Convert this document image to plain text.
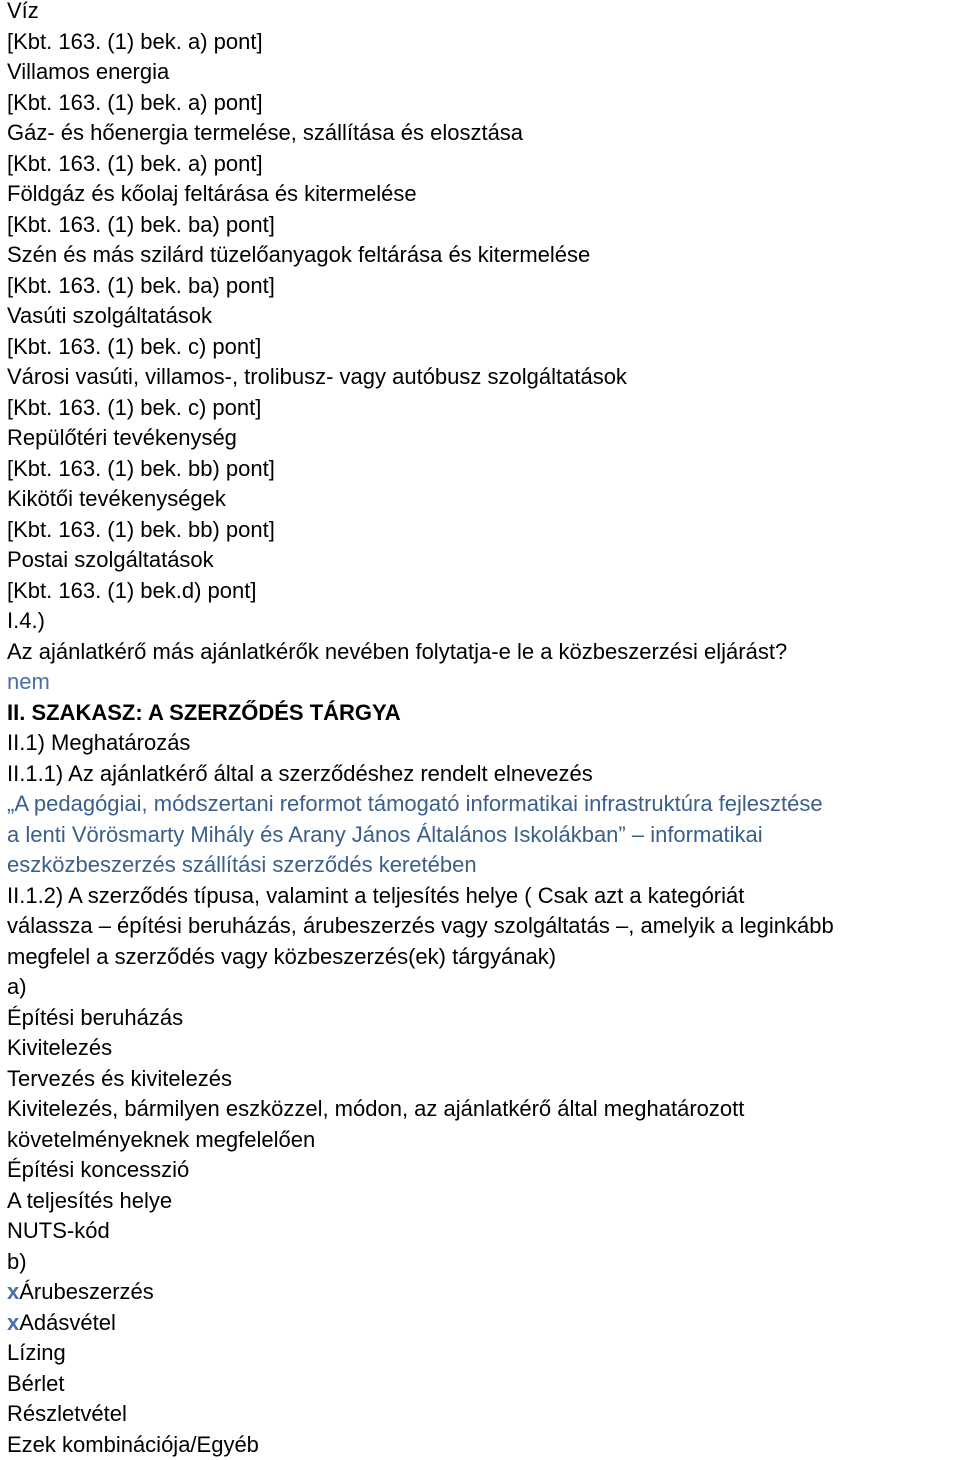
Víz

[Kbt. 163. (1) bek. a) pont]

Villamos energia

[Kbt. 163. (1) bek. a) pont]

Gáz- és hőenergia termelése, szállítása és elosztása

[Kbt. 163. (1) bek. a) pont]

Földgáz és kőolaj feltárása és kitermelése

[Kbt. 163. (1) bek. ba) pont]

Szén és más szilárd tüzelőanyagok feltárása és kitermelése

[Kbt. 163. (1) bek. ba) pont]

Vasúti szolgáltatások

[Kbt. 163. (1) bek. c) pont]

Városi vasúti, villamos-, trolibusz- vagy autóbusz szolgáltatások

[Kbt. 163. (1) bek. c) pont]

Repülőtéri tevékenység

[Kbt. 163. (1) bek. bb) pont]

Kikötői tevékenységek

[Kbt. 163. (1) bek. bb) pont]

Postai szolgáltatások

[Kbt. 163. (1) bek.d) pont]

I.4.)

Az ajánlatkérő más ajánlatkérők nevében folytatja-e le a közbeszerzési eljárást?

nem

II. SZAKASZ: A SZERZŐDÉS TÁRGYA

II.1) Meghatározás

II.1.1) Az ajánlatkérő által a szerződéshez rendelt elnevezés

„A pedagógiai, módszertani reformot támogató informatikai infrastruktúra fejlesztése

a lenti Vörösmarty Mihály és Arany János Általános Iskolákban” – informatikai

eszközbeszerzés szállítási szerződés keretében

II.1.2) A szerződés típusa, valamint a teljesítés helye ( Csak azt a kategóriát

válassza – építési beruházás, árubeszerzés vagy szolgáltatás –, amelyik a leginkább

megfelel a szerződés vagy közbeszerzés(ek) tárgyának)

a)

Építési beruházás

Kivitelezés

Tervezés és kivitelezés

Kivitelezés, bármilyen eszközzel, módon, az ajánlatkérő által meghatározott

követelményeknek megfelelően

Építési koncesszió

A teljesítés helye

NUTS-kód

b)

xÁrubeszerzés

xAdásvétel

Lízing

Bérlet

Részletvétel

Ezek kombinációja/Egyéb
